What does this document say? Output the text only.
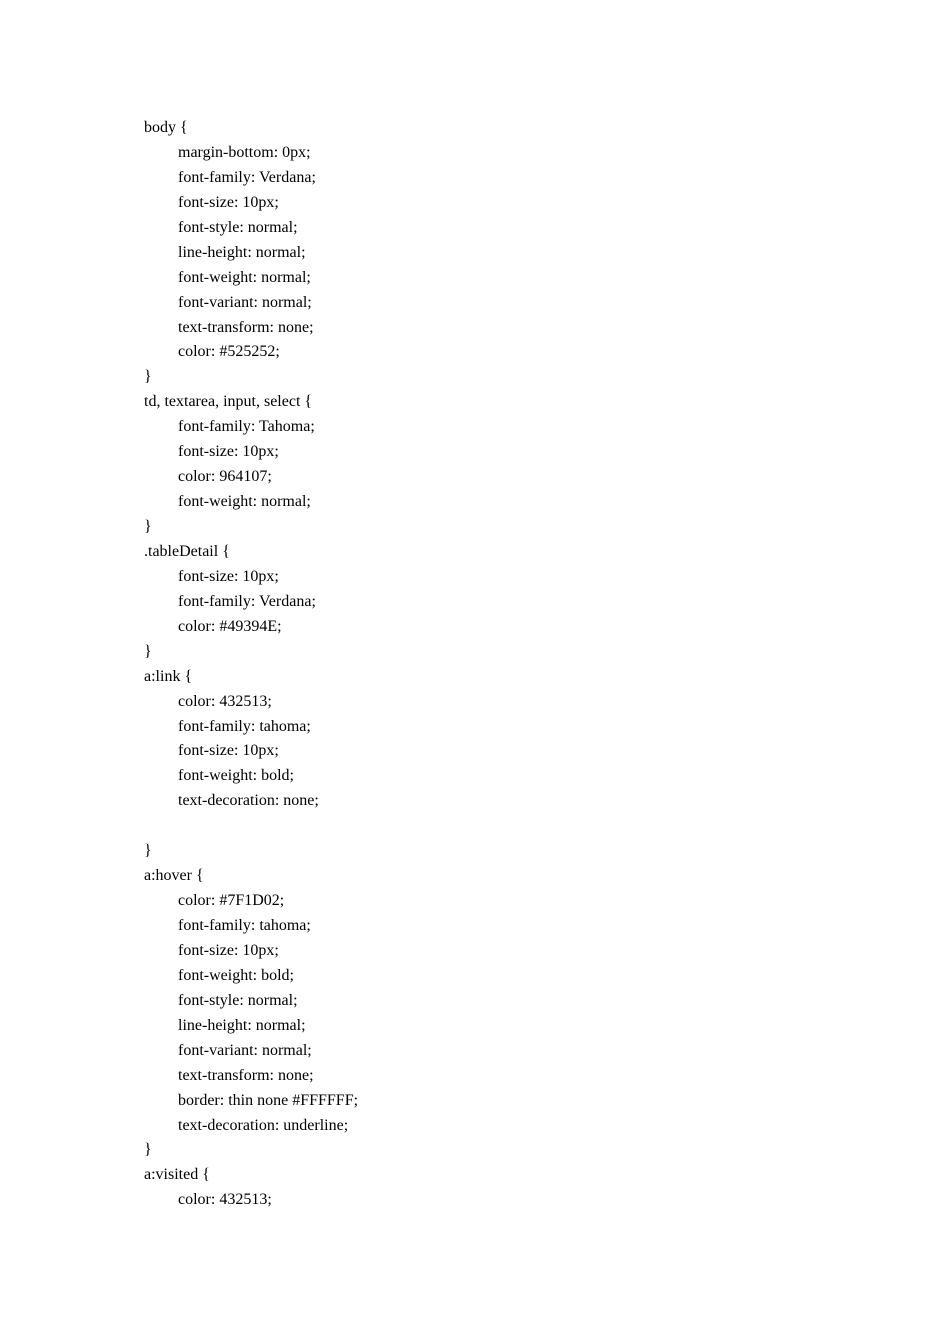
body {
margin-bottom: 0px;
font-family: Verdana;
font-size: 10px;
font-style: normal;
line-height: normal;
font-weight: normal;
font-variant: normal;
text-transform: none;
color: #525252;
}
td, textarea, input, select {
font-family: Tahoma;
font-size: 10px;
color: 964107;
font-weight: normal;
}
.tableDetail {
font-size: 10px;
font-family: Verdana;
color: #49394E;
}
a:link {
color: 432513;
font-family: tahoma;
font-size: 10px;
font-weight: bold;
text-decoration: none;
}
a:hover {
color: #7F1D02;
font-family: tahoma;
font-size: 10px;
font-weight: bold;
font-style: normal;
line-height: normal;
font-variant: normal;
text-transform: none;
border: thin none #FFFFFF;
text-decoration: underline;
}
a:visited {
color: 432513;
